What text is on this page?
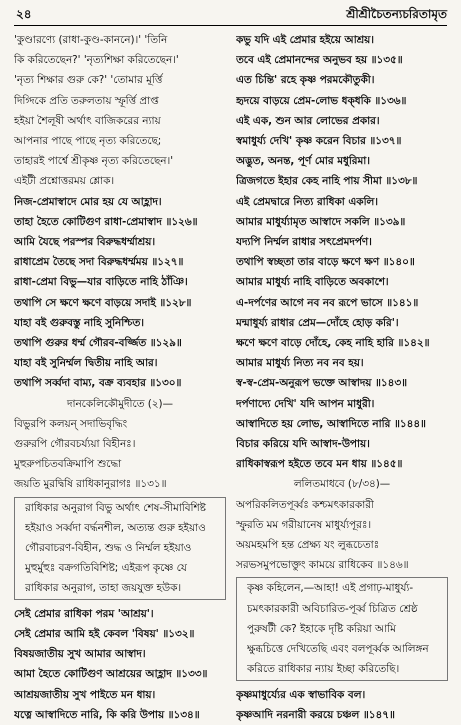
২৪	শ্রীশ্রীচৈতন্যচরিতামৃত
'কুণ্ডারণ্যে (রাধা-কুণ্ড-কাননে)।' 'তিনি
কি করিতেছেন?' 'নৃত্যশিক্ষা করিতেছেন।'
'নৃত্য শিক্ষার গুরু কে?' 'তোমার মূর্ত্তি
দিগ্দিকে প্রতি তরুলতায় স্ফূর্ত্তি প্রাপ্ত
হইয়া শৈলূষী অর্থাৎ বাজিকরের ন্যায়
আপনার পাছে পাছে নৃত্য করিতেছে;
তাহারই পার্শ্বে শ্রীকৃষ্ণ নৃত্য করিতেছেন।'
এইটী প্রশ্নোত্তরময় শ্লোক।
নিজ-প্রেমাস্বাদে মোর হয় যে আহ্লাদ।
তাহা হৈতে কোটিগুণ রাধা-প্রেমাস্বাদ ॥১২৬॥
আমি যৈছে পরস্পর বিরুদ্ধধর্ম্মাশ্রয়।
রাধাপ্রেম তৈছে সদা বিরুদ্ধধর্ম্মময় ॥১২৭॥
রাধা-প্রেমা বিভু—যার বাড়িতে নাহি ঠাঁঞি।
তথাপি সে ক্ষণে ক্ষণে বাড়য়ে সদাই ॥১২৮॥
যাহা বই গুরুবস্তু নাহি সুনিশ্চিত।
তথাপি গুরুর ধর্ম্ম গৌরব-বর্জ্জিত ॥১২৯॥
যাহা বই সুনির্ম্মল দ্বিতীয় নাহি আর।
তথাপি সর্ব্বদা বাম্য, বক্র ব্যবহার ॥১৩০॥
দানকেলিকৌমুদীতে (২)—
বিভুরপি কলয়ন্ সদাভিবৃদ্ধিং
গুরুরপি গৌরবচর্য্যয়া বিহীনঃ।
মুহুরুপচিতবক্রিমাপি শুদ্ধো
জয়তি মুরদ্বিষি রাধিকানুরাগঃ ॥১৩১॥
রাধিকার অনুরাগ বিভু অর্থাৎ শেষ-সীমাবিশিষ্ট
হইয়াও সর্ব্বদা বর্দ্ধনশীল, অত্যন্ত গুরু হইয়াও
গৌরবাচরণ-বিহীন, শুদ্ধ ও নির্ম্মল হইয়াও
মুহুর্মুহুঃ বক্রগতিবিশিষ্ট; এইরূপ কৃষ্ণে যে
রাধিকার অনুরাগ, তাহা জয়যুক্ত হউক।
সেই প্রেমার রাধিকা পরম 'আশ্রয়'।
সেই প্রেমার আমি হই কেবল 'বিষয়' ॥১৩২॥
বিষয়জাতীয় সুখ আমার আস্বাদ।
আমা হৈতে কোটিগুণ আশ্রয়ের আহ্লাদ ॥১৩৩॥
আশ্রয়জাতীয় সুখ পাইতে মন ধায়।
যত্নে আস্বাদিতে নারি, কি করি উপায় ॥১৩৪॥
কভু যদি এই প্রেমার হইয়ে আশ্রয়।
তবে এই প্রেমানন্দের অনুভব হয় ॥১৩৫॥
এত চিন্তি' রহে কৃষ্ণ পরমকৌতুকী।
হৃদয়ে বাড়য়ে প্রেম-লোভ ধক্ধকি ॥১৩৬॥
এই এক, শুন আর লোভের প্রকার।
স্বমাধুর্য্য দেখি' কৃষ্ণ করেন বিচার ॥১৩৭॥
অদ্ভুত, অনন্ত, পূর্ণ মোর মধুরিমা।
ত্রিজগতে ইহার কেহ নাহি পায় সীমা ॥১৩৮॥
এই প্রেমদ্বারে নিত্য রাধিকা একলি।
আমার মাধুর্য্যামৃত আস্বাদে সকলি ॥১৩৯॥
যদ্যপি নির্ম্মল রাধার সৎপ্রেমদর্পণ।
তথাপি স্বচ্ছতা তার বাড়ে ক্ষণে ক্ষণ ॥১৪০॥
আমার মাধুর্য্য নাহি বাড়িতে অবকাশে।
এ-দর্পণের আগে নব নব রূপে ভাসে ॥১৪১॥
মন্মাধুর্য্য রাধার প্রেম—দোঁহে হোড় করি'।
ক্ষণে ক্ষণে বাড়ে দোঁহে, কেহ নাহি হারি ॥১৪২॥
আমার মাধুর্য্য নিত্য নব নব হয়।
স্ব-স্ব-প্রেম-অনুরূপ ভক্তে আস্বাদয় ॥১৪৩॥
দর্পণাদ্যে দেখি' যদি আপন মাধুরী।
আস্বাদিতে হয় লোভ, আস্বাদিতে নারি ॥১৪৪॥
বিচার করিয়ে যদি আস্বাদ-উপায়।
রাধিকাস্বরূপ হইতে তবে মন ধায় ॥১৪৫॥
ললিতমাধবে (৮/৩৪)—
অপরিকলিতপূর্ব্বঃ কশ্চমৎকারকারী
স্ফুরতি মম গরীয়ানেষ মাধুর্য্যপূরঃ।
অয়মহমপি হন্ত প্রেক্ষ্য যং লুব্ধচেতাঃ
সরভসমুপভোক্তুং কাময়ে রাধিকেব ॥১৪৬॥
কৃষ্ণ কহিলেন,—আহা! এই প্রগাঢ়-মাধুর্য্য-
চমৎকারকারী অবিচারিত-পূর্ব্ব চিত্রিত শ্রেষ্ঠ
পুরুষটী কে? ইহাকে দৃষ্টি করিয়া আমি
ক্ষুব্ধচিত্তে দেখিতেছি এবং বলপূর্ব্বক আলিঙ্গন
করিতে রাধিকার ন্যায় ইচ্ছা করিতেছি।
কৃষ্ণমাধুর্য্যের এক স্বাভাবিক বল।
কৃষ্ণআদি নরনারী করয়ে চঞ্চল ॥১৪৭॥
